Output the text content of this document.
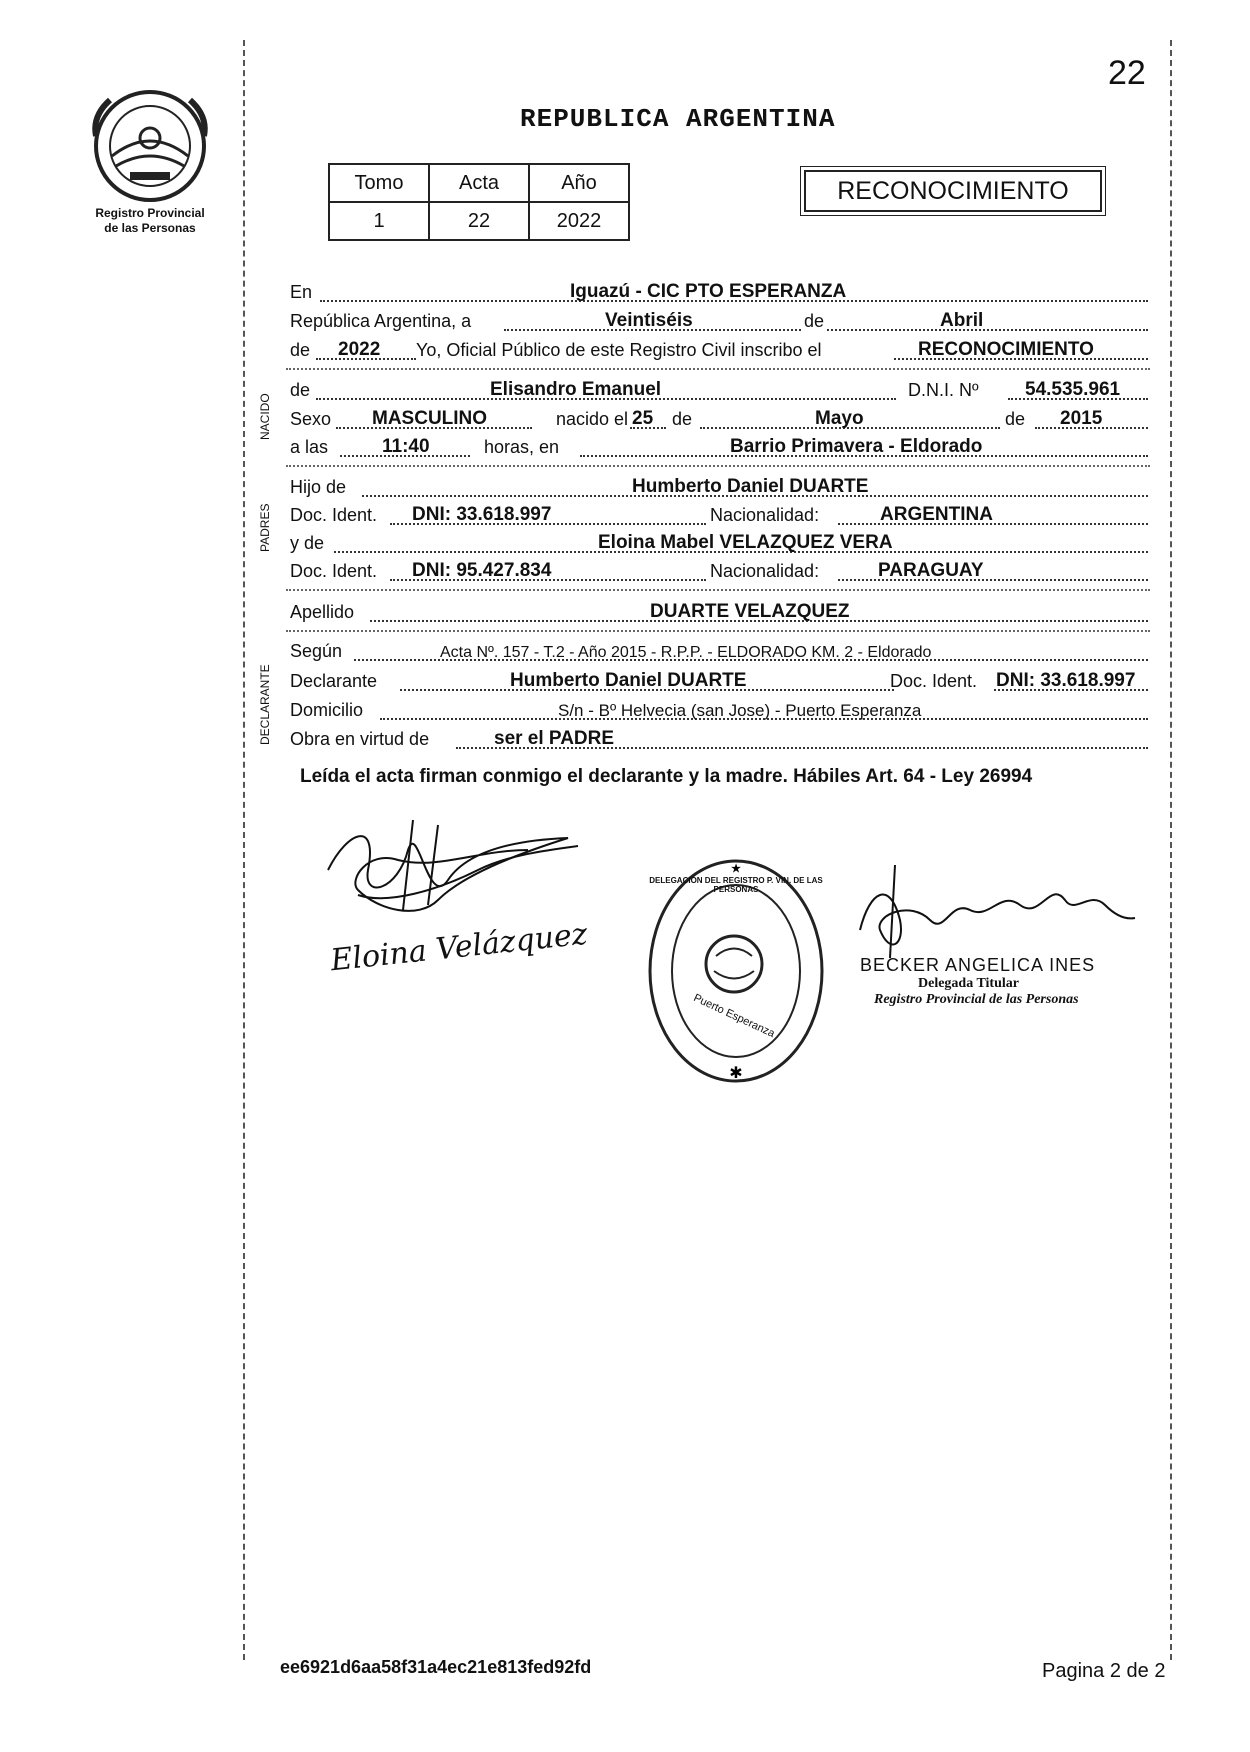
22
Registro Provincial
de las Personas
REPUBLICA ARGENTINA
Tomo	Acta	Año
1	22	2022
RECONOCIMIENTO
NACIDO
PADRES
DECLARANTE
En	Iguazú - CIC PTO ESPERANZA
República Argentina, a	Veintiséis	de	Abril
de 2022 Yo, Oficial Público de este Registro Civil inscribo el	RECONOCIMIENTO
de	Elisandro Emanuel	D.N.I. Nº 54.535.961
Sexo MASCULINO	nacido el 25 de	Mayo	de 2015
a las	11:40	horas, en	Barrio Primavera - Eldorado
Hijo de	Humberto Daniel DUARTE
Doc. Ident. DNI: 33.618.997	Nacionalidad:	ARGENTINA
y de	Eloina Mabel VELAZQUEZ VERA
Doc. Ident. DNI: 95.427.834	Nacionalidad:	PARAGUAY
Apellido	DUARTE VELAZQUEZ
Según	Acta Nº. 157 - T.2 - Año 2015 - R.P.P. - ELDORADO KM. 2 - Eldorado
Declarante	Humberto Daniel DUARTE	Doc. Ident. DNI: 33.618.997
Domicilio	S/n - Bº Helvecia (san Jose) - Puerto Esperanza
Obra en virtud de	ser el PADRE
Leída el acta firman conmigo el declarante y la madre. Hábiles Art. 64 - Ley 26994
Eloina Velázquez
★
✱
DELEGACIÓN DEL REGISTRO P. VIN. DE LAS PERSONAS
Puerto Esperanza
BECKER ANGELICA INES
Delegada Titular
Registro Provincial de las Personas
ee6921d6aa58f31a4ec21e813fed92fd	Pagina 2 de 2
